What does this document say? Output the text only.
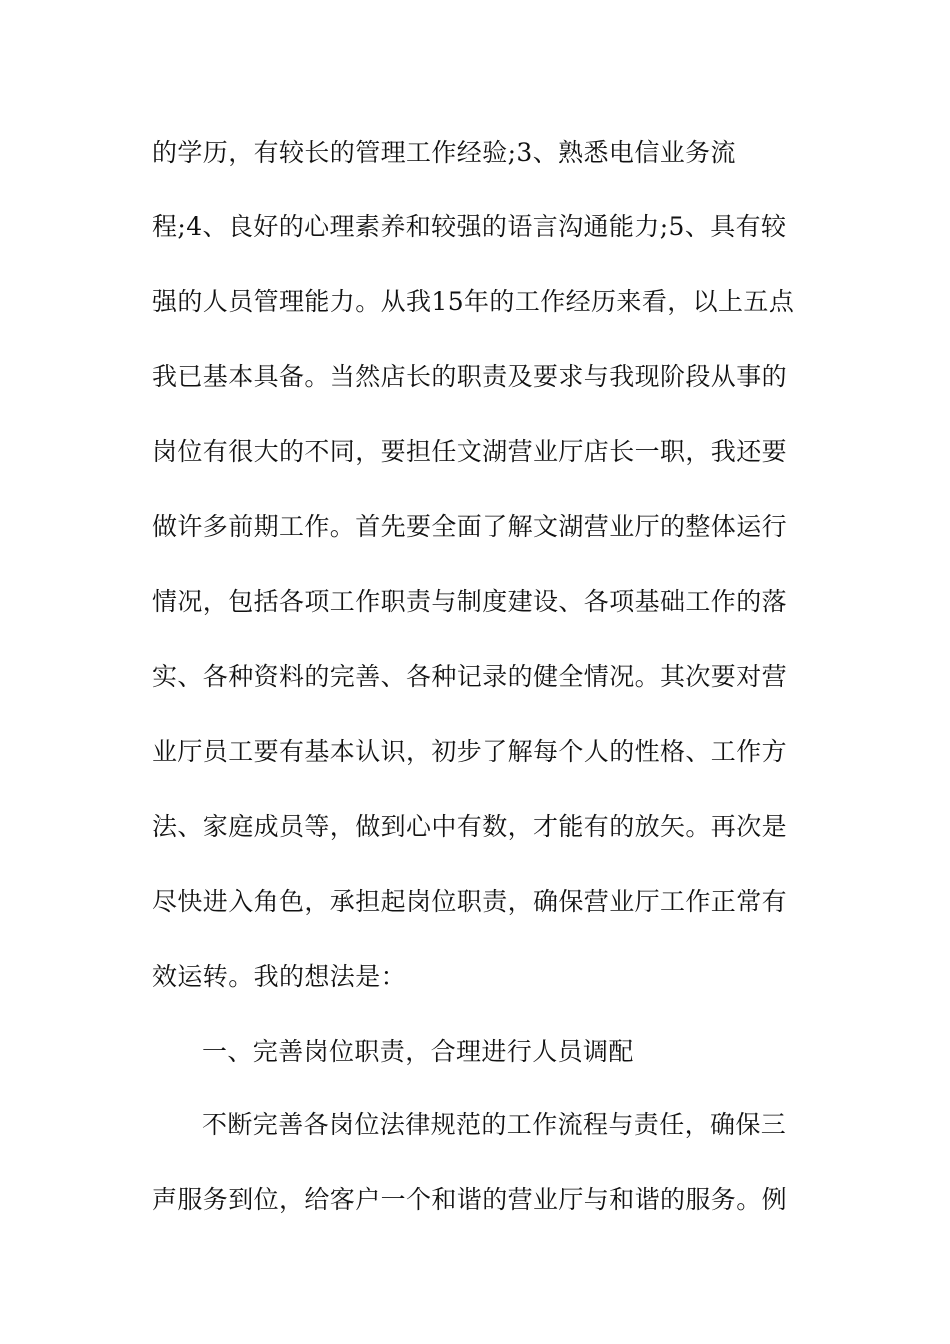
的学历，有较长的管理工作经验;3、熟悉电信业务流
程;4、良好的心理素养和较强的语言沟通能力;5、具有较
强的人员管理能力。从我15年的工作经历来看，以上五点
我已基本具备。当然店长的职责及要求与我现阶段从事的
岗位有很大的不同，要担任文湖营业厅店长一职，我还要
做许多前期工作。首先要全面了解文湖营业厅的整体运行
情况，包括各项工作职责与制度建设、各项基础工作的落
实、各种资料的完善、各种记录的健全情况。其次要对营
业厅员工要有基本认识，初步了解每个人的性格、工作方
法、家庭成员等，做到心中有数，才能有的放矢。再次是
尽快进入角色，承担起岗位职责，确保营业厅工作正常有
效运转。我的想法是：
一、完善岗位职责，合理进行人员调配
不断完善各岗位法律规范的工作流程与责任，确保三
声服务到位，给客户一个和谐的营业厅与和谐的服务。例
